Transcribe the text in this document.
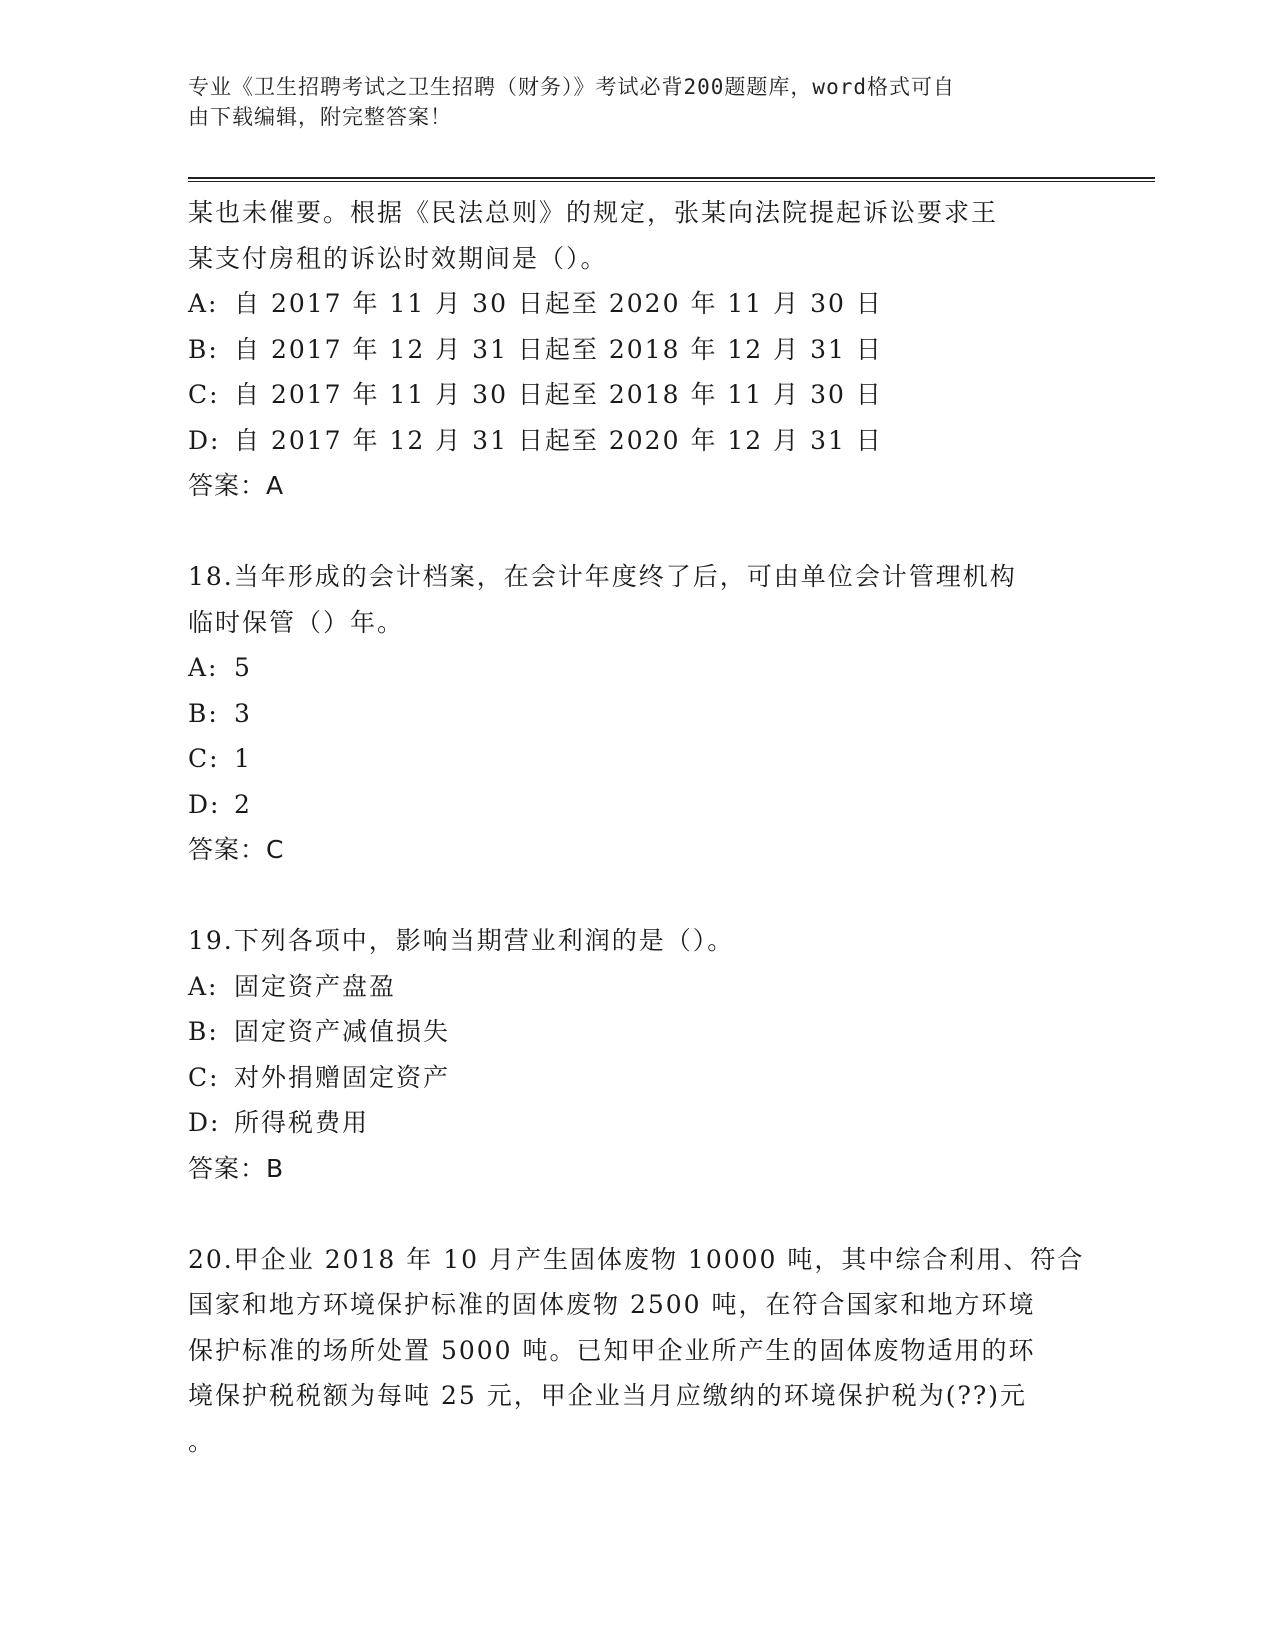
专业《卫生招聘考试之卫生招聘（财务）》考试必背200题题库，word格式可自
由下载编辑，附完整答案！
某也未催要。根据《民法总则》的规定，张某向法院提起诉讼要求王
某支付房租的诉讼时效期间是（）。
A: 自 2017 年 11 月 30 日起至 2020 年 11 月 30 日
B: 自 2017 年 12 月 31 日起至 2018 年 12 月 31 日
C: 自 2017 年 11 月 30 日起至 2018 年 11 月 30 日
D: 自 2017 年 12 月 31 日起至 2020 年 12 月 31 日
答案：A
18.当年形成的会计档案，在会计年度终了后，可由单位会计管理机构
临时保管（）年。
A: 5
B: 3
C: 1
D: 2
答案：C
19.下列各项中，影响当期营业利润的是（）。
A: 固定资产盘盈
B: 固定资产减值损失
C: 对外捐赠固定资产
D: 所得税费用
答案：B
20.甲企业 2018 年 10 月产生固体废物 10000 吨，其中综合利用、符合
国家和地方环境保护标准的固体废物 2500 吨，在符合国家和地方环境
保护标准的场所处置 5000 吨。已知甲企业所产生的固体废物适用的环
境保护税税额为每吨 25 元，甲企业当月应缴纳的环境保护税为(??)元
。
